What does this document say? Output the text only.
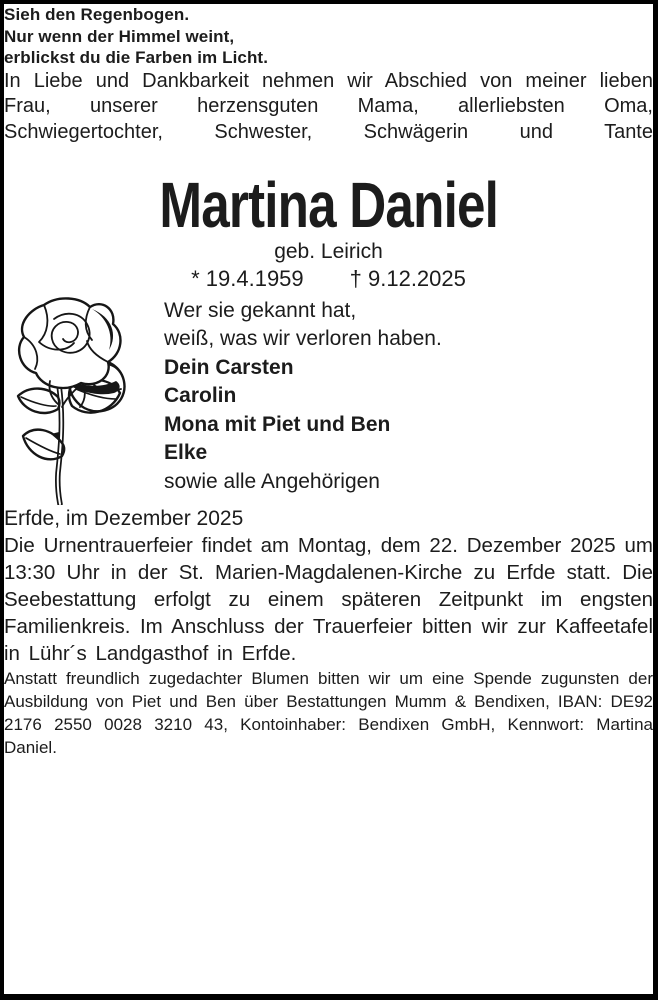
Sieh den Regenbogen.
Nur wenn der Himmel weint,
erblickst du die Farben im Licht.

In Liebe und Dankbarkeit nehmen wir Abschied von meiner lieben Frau, unserer herzensguten Mama, allerliebsten Oma, Schwiegertochter, Schwester, Schwägerin und Tante

Martina Daniel
geb. Leirich
* 19.4.1959 † 9.12.2025
Wer sie gekannt hat,
weiß, was wir verloren haben.
Dein Carsten
Carolin
Mona mit Piet und Ben
Elke
sowie alle Angehörigen
Erfde, im Dezember 2025

Die Urnentrauerfeier findet am Montag, dem 22. Dezember 2025 um 13:30 Uhr in der St. Marien-Magdalenen-Kirche zu Erfde statt. Die Seebestattung erfolgt zu einem späteren Zeitpunkt im engsten Familienkreis. Im Anschluss der Trauerfeier bitten wir zur Kaffeetafel in Lühr´s Landgasthof in Erfde.

Anstatt freundlich zugedachter Blumen bitten wir um eine Spende zugunsten der Ausbildung von Piet und Ben über Bestattungen Mumm & Bendixen, IBAN: DE92 2176 2550 0028 3210 43, Kontoinhaber: Bendixen GmbH, Kennwort: Martina Daniel.
